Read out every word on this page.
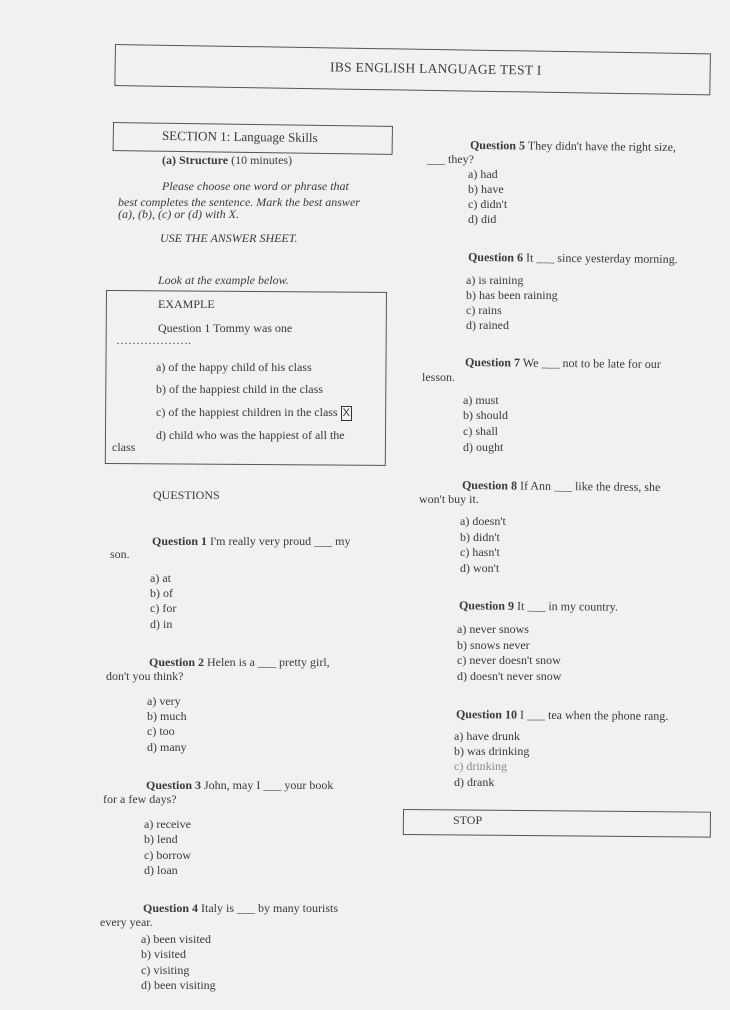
IBS ENGLISH LANGUAGE TEST I
SECTION 1: Language Skills
(a) Structure (10 minutes)
Please choose one word or phrase that
best completes the sentence. Mark the best answer
(a), (b), (c) or (d) with X.
USE THE ANSWER SHEET.
Look at the example below.
EXAMPLE
Question 1 Tommy was one
……………….
a) of the happy child of his class
b) of the happiest child in the class
c) of the happiest children in the class X
d) child who was the happiest of all the
class
QUESTIONS
Question 1 I'm really very proud ___ my
son.
a) at
b) of
c) for
d) in
Question 2 Helen is a ___ pretty girl,
don't you think?
a) very
b) much
c) too
d) many
Question 3 John, may I ___ your book
for a few days?
a) receive
b) lend
c) borrow
d) loan
Question 4 Italy is ___ by many tourists
every year.
a) been visited
b) visited
c) visiting
d) been visiting
Question 5 They didn't have the right size,
___ they?
a) had
b) have
c) didn't
d) did
Question 6 It ___ since yesterday morning.
a) is raining
b) has been raining
c) rains
d) rained
Question 7 We ___ not to be late for our
lesson.
a) must
b) should
c) shall
d) ought
Question 8 If Ann ___ like the dress, she
won't buy it.
a) doesn't
b) didn't
c) hasn't
d) won't
Question 9 It ___ in my country.
a) never snows
b) snows never
c) never doesn't snow
d) doesn't never snow
Question 10 I ___ tea when the phone rang.
a) have drunk
b) was drinking
c) drinking
d) drank
STOP
